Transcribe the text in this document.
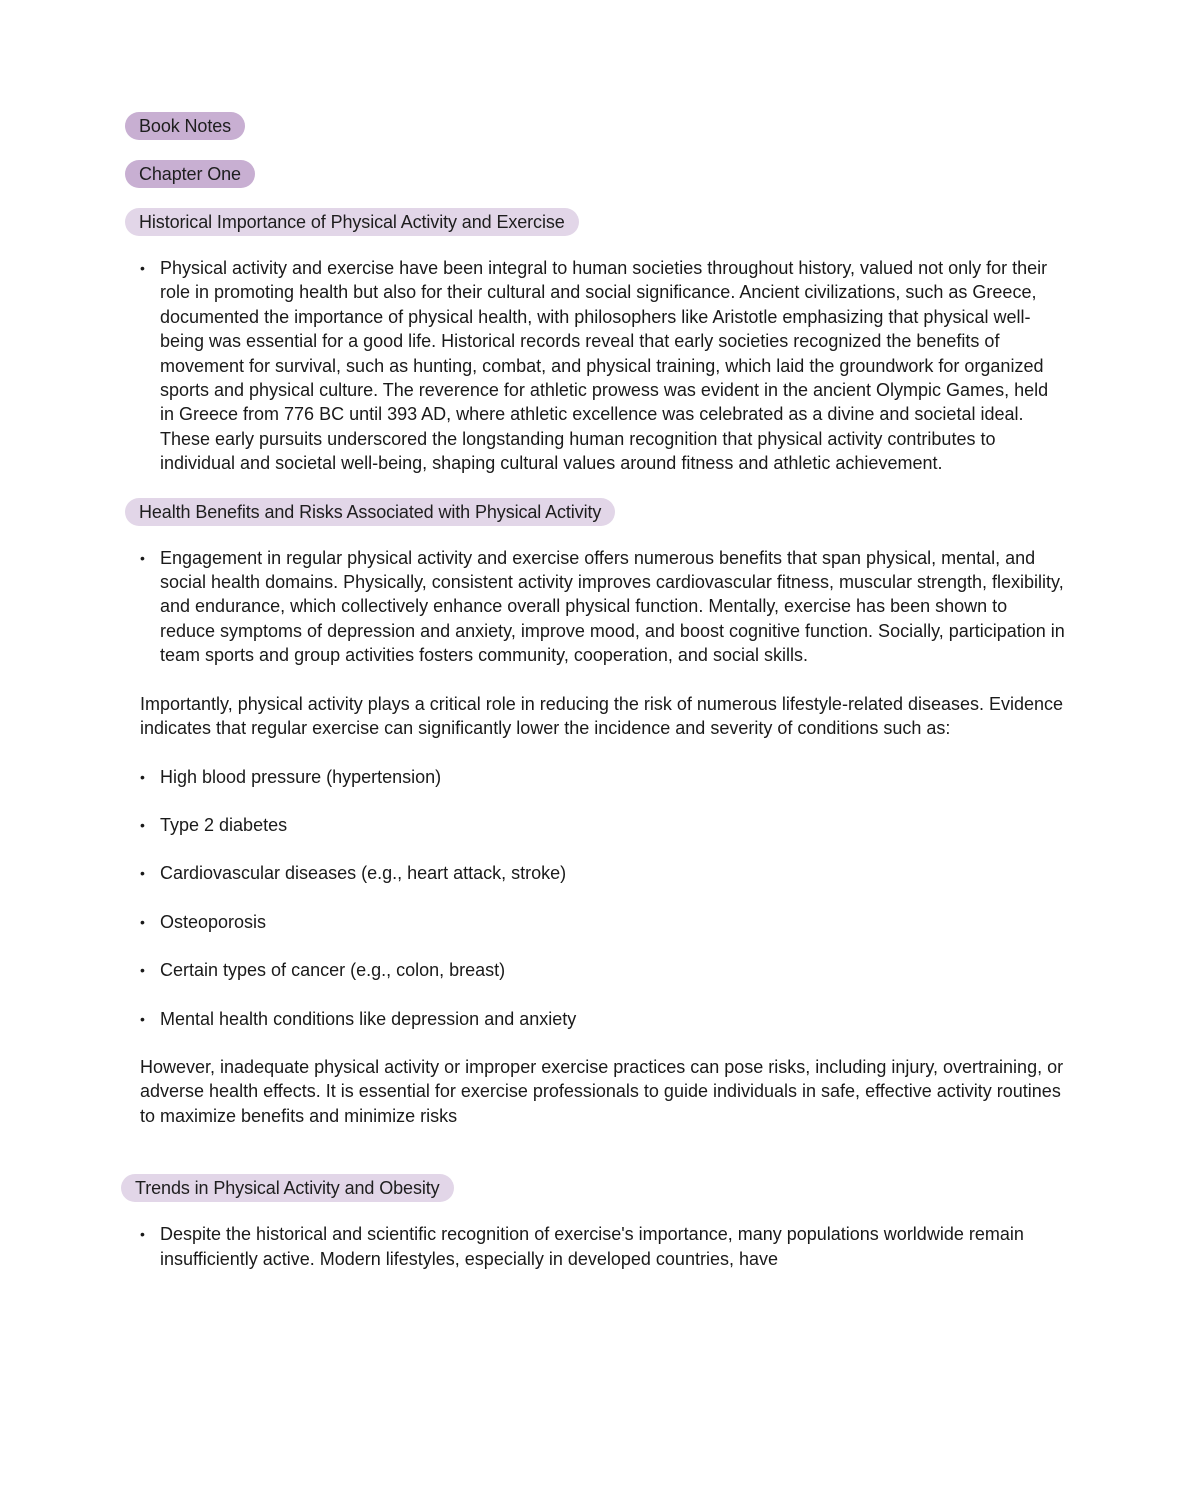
Book Notes
Chapter One
Historical Importance of Physical Activity and Exercise
• Physical activity and exercise have been integral to human societies throughout history, valued not only for their role in promoting health but also for their cultural and social significance. Ancient civilizations, such as Greece, documented the importance of physical health, with philosophers like Aristotle emphasizing that physical well-being was essential for a good life. Historical records reveal that early societies recognized the benefits of movement for survival, such as hunting, combat, and physical training, which laid the groundwork for organized sports and physical culture. The reverence for athletic prowess was evident in the ancient Olympic Games, held in Greece from 776 BC until 393 AD, where athletic excellence was celebrated as a divine and societal ideal. These early pursuits underscored the longstanding human recognition that physical activity contributes to individual and societal well-being, shaping cultural values around fitness and athletic achievement.
Health Benefits and Risks Associated with Physical Activity
• Engagement in regular physical activity and exercise offers numerous benefits that span physical, mental, and social health domains. Physically, consistent activity improves cardiovascular fitness, muscular strength, flexibility, and endurance, which collectively enhance overall physical function. Mentally, exercise has been shown to reduce symptoms of depression and anxiety, improve mood, and boost cognitive function. Socially, participation in team sports and group activities fosters community, cooperation, and social skills.

Importantly, physical activity plays a critical role in reducing the risk of numerous lifestyle-related diseases. Evidence indicates that regular exercise can significantly lower the incidence and severity of conditions such as:

• High blood pressure (hypertension)
• Type 2 diabetes
• Cardiovascular diseases (e.g., heart attack, stroke)
• Osteoporosis
• Certain types of cancer (e.g., colon, breast)
• Mental health conditions like depression and anxiety

However, inadequate physical activity or improper exercise practices can pose risks, including injury, overtraining, or adverse health effects. It is essential for exercise professionals to guide individuals in safe, effective activity routines to maximize benefits and minimize risks

Trends in Physical Activity and Obesity
• Despite the historical and scientific recognition of exercise's importance, many populations worldwide remain insufficiently active. Modern lifestyles, especially in developed countries, have
